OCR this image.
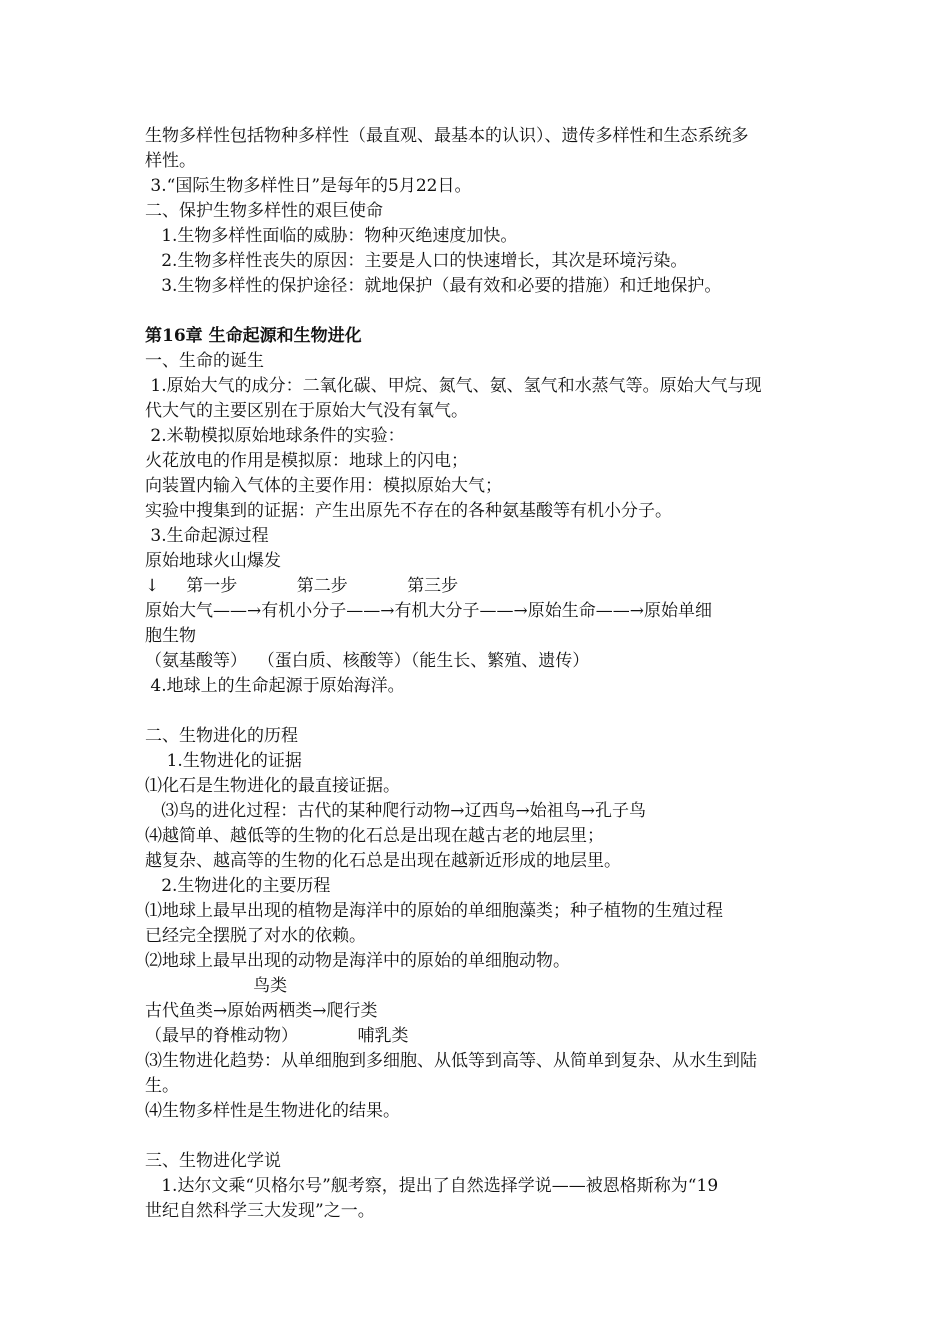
生物多样性包括物种多样性（最直观、最基本的认识）、遗传多样性和生态系统多
样性。
3.“国际生物多样性日”是每年的5月22日。
二、保护生物多样性的艰巨使命
1.生物多样性面临的威胁：物种灭绝速度加快。
2.生物多样性丧失的原因：主要是人口的快速增长，其次是环境污染。
3.生物多样性的保护途径：就地保护（最有效和必要的措施）和迁地保护。
第16章 生命起源和生物进化
一、生命的诞生
1.原始大气的成分：二氧化碳、甲烷、氮气、氨、氢气和水蒸气等。原始大气与现
代大气的主要区别在于原始大气没有氧气。
2.米勒模拟原始地球条件的实验：
火花放电的作用是模拟原：地球上的闪电；
向装置内输入气体的主要作用：模拟原始大气；
实验中搜集到的证据：产生出原先不存在的各种氨基酸等有机小分子。
3.生命起源过程
原始地球火山爆发
↓     第一步           第二步           第三步
原始大气——→有机小分子——→有机大分子——→原始生命——→原始单细
胞生物
（氨基酸等）  （蛋白质、核酸等）（能生长、繁殖、遗传）
4.地球上的生命起源于原始海洋。
二、生物进化的历程
1.生物进化的证据
⑴化石是生物进化的最直接证据。
⑶鸟的进化过程：古代的某种爬行动物→辽西鸟→始祖鸟→孔子鸟
⑷越简单、越低等的生物的化石总是出现在越古老的地层里；
越复杂、越高等的生物的化石总是出现在越新近形成的地层里。
2.生物进化的主要历程
⑴地球上最早出现的植物是海洋中的原始的单细胞藻类；种子植物的生殖过程
已经完全摆脱了对水的依赖。
⑵地球上最早出现的动物是海洋中的原始的单细胞动物。
鸟类
古代鱼类→原始两栖类→爬行类
（最早的脊椎动物）           哺乳类
⑶生物进化趋势：从单细胞到多细胞、从低等到高等、从简单到复杂、从水生到陆
生。
⑷生物多样性是生物进化的结果。
三、生物进化学说
1.达尔文乘“贝格尔号”舰考察，提出了自然选择学说——被恩格斯称为“19
世纪自然科学三大发现”之一。
